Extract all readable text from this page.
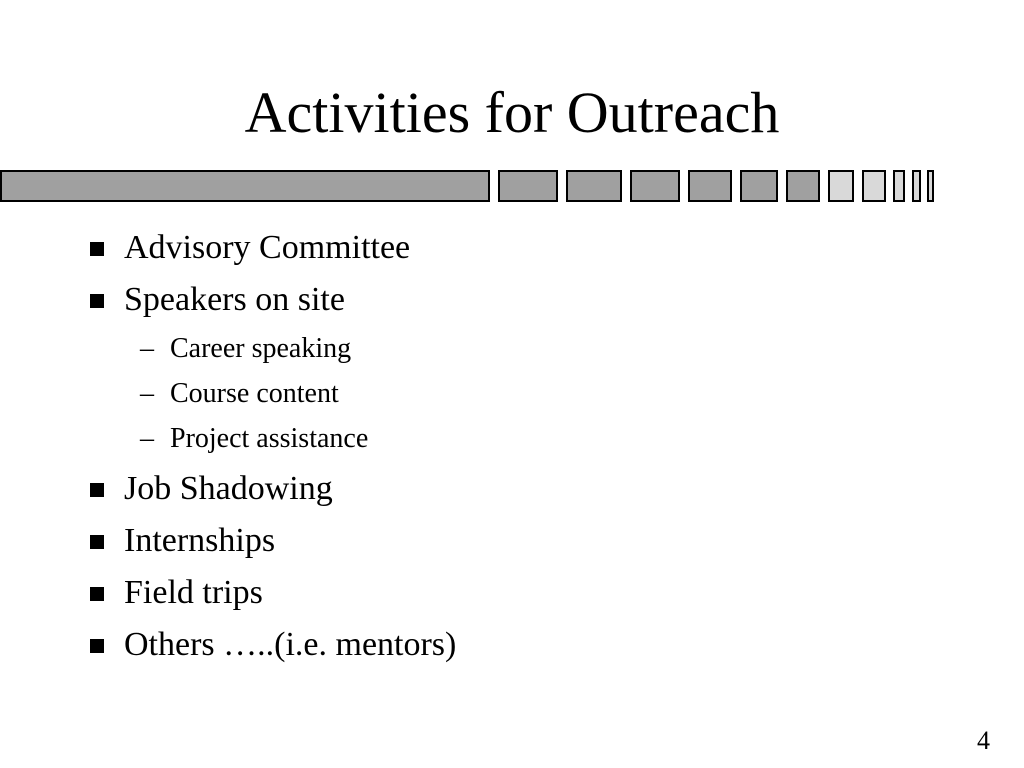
Activities for Outreach
Advisory Committee
Speakers on site
– Career speaking
– Course content
– Project assistance
Job Shadowing
Internships
Field trips
Others …..(i.e. mentors)
4
